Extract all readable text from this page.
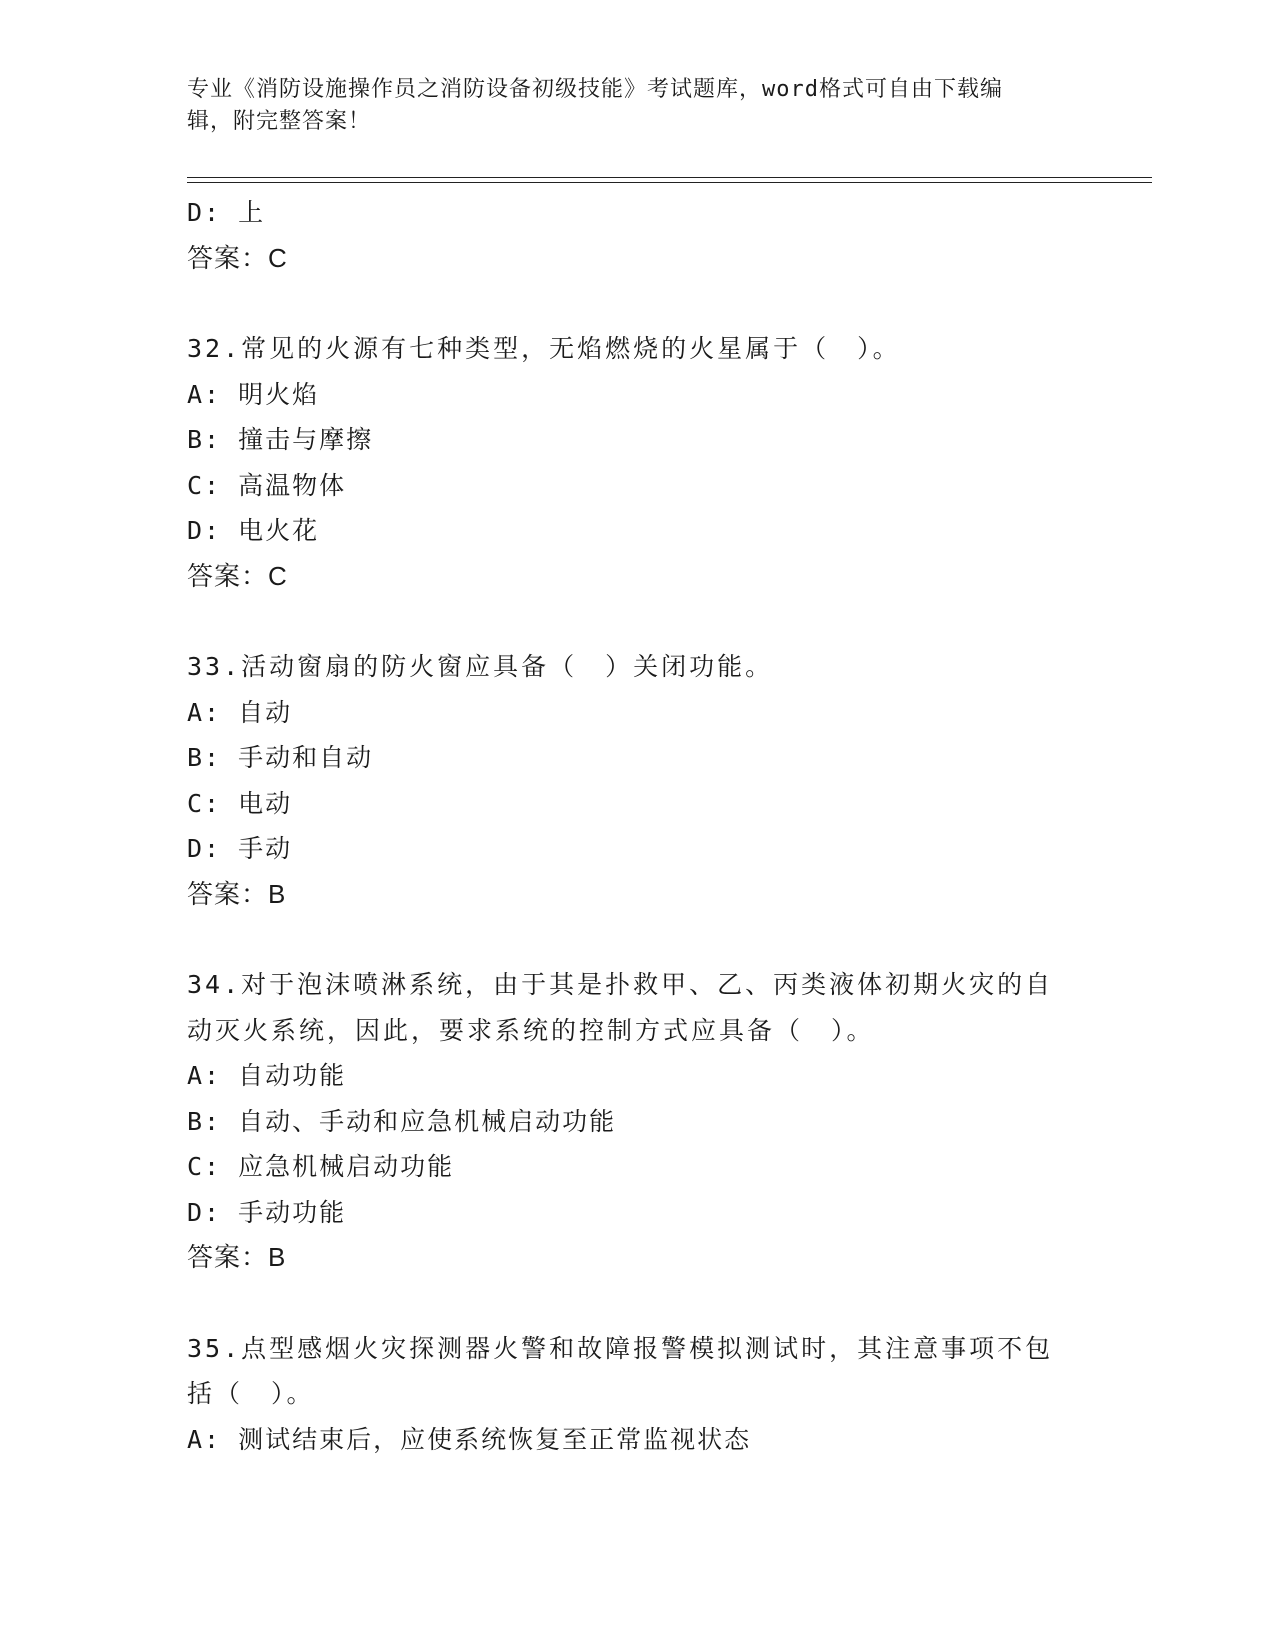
专业《消防设施操作员之消防设备初级技能》考试题库，word格式可自由下载编
辑，附完整答案！
D: 上
答案：C
32.常见的火源有七种类型，无焰燃烧的火星属于（　）。
A: 明火焰
B: 撞击与摩擦
C: 高温物体
D: 电火花
答案：C
33.活动窗扇的防火窗应具备（　）关闭功能。
A: 自动
B: 手动和自动
C: 电动
D: 手动
答案：B
34.对于泡沫喷淋系统，由于其是扑救甲、乙、丙类液体初期火灾的自
动灭火系统，因此，要求系统的控制方式应具备（　）。
A: 自动功能
B: 自动、手动和应急机械启动功能
C: 应急机械启动功能
D: 手动功能
答案：B
35.点型感烟火灾探测器火警和故障报警模拟测试时，其注意事项不包
括（　）。
A: 测试结束后，应使系统恢复至正常监视状态
